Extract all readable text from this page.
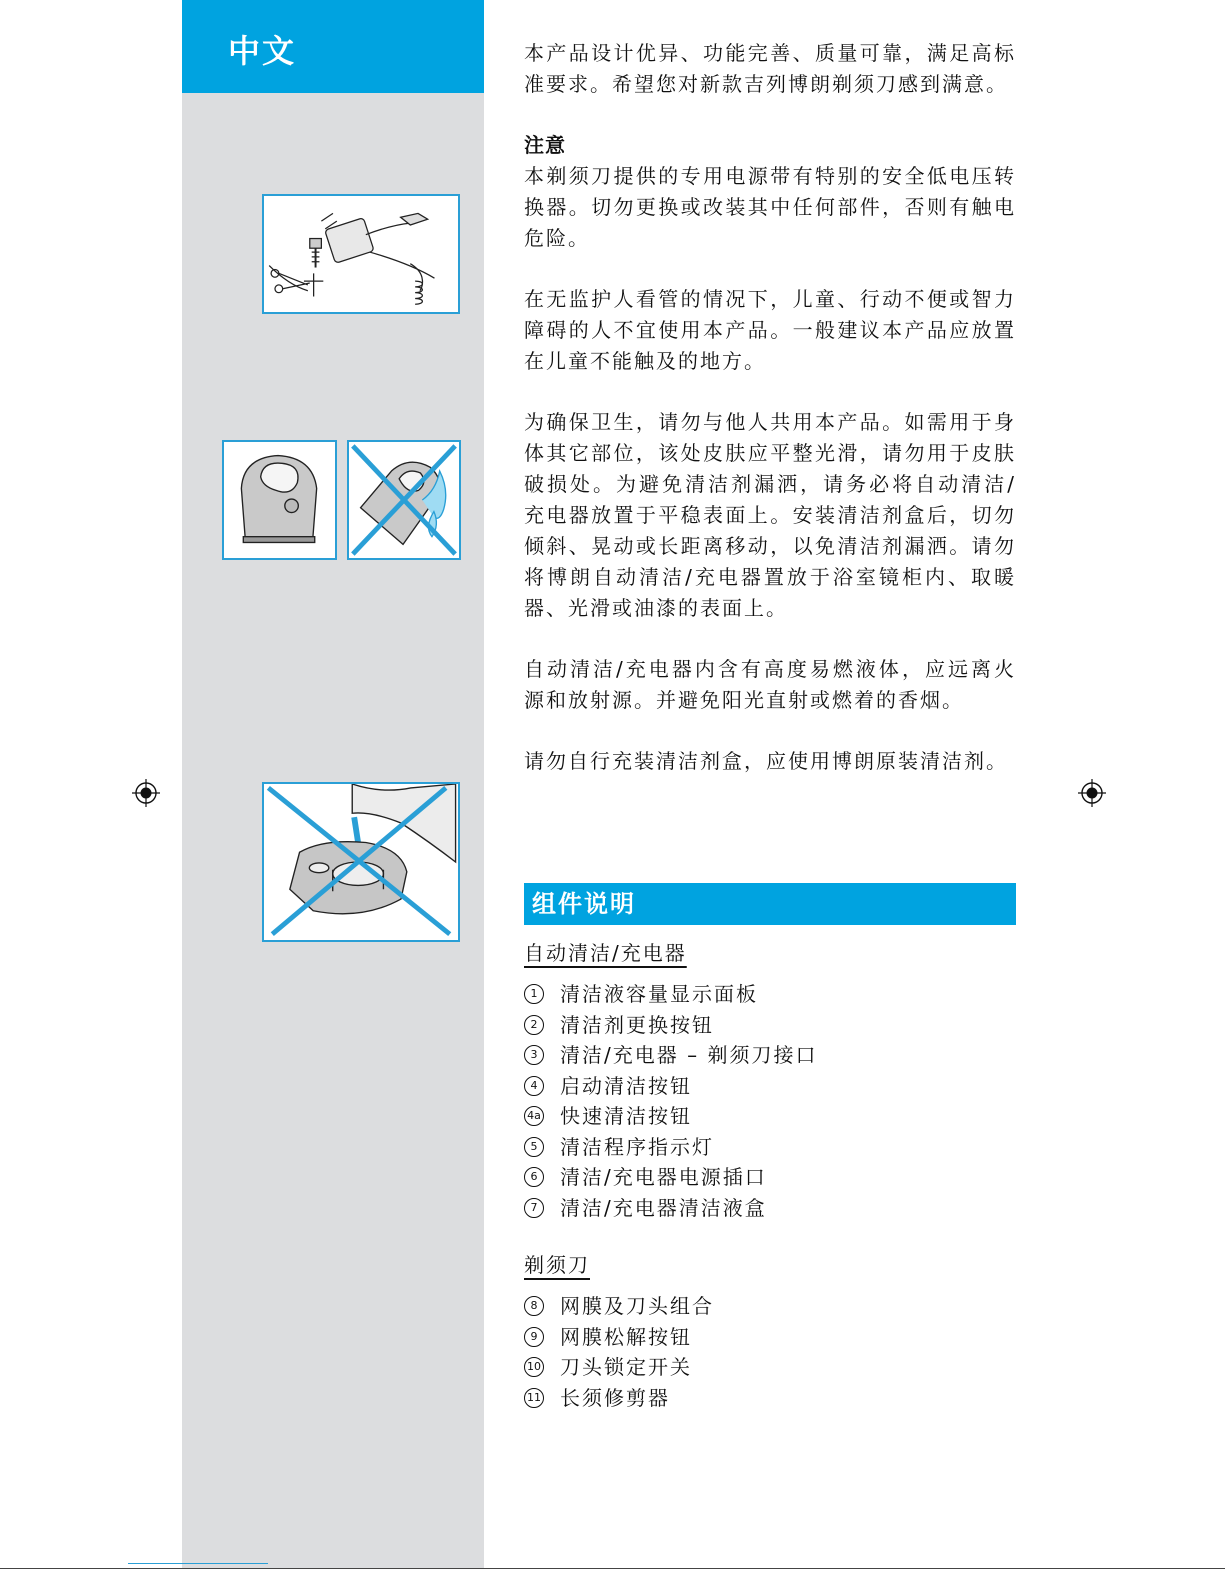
中文	本产品设计优异、功能完善、质量可靠，满足高标准要求。希望您对新款吉列博朗剃须刀感到满意。

注意

本剃须刀提供的专用电源带有特别的安全低电压转换器。切勿更换或改装其中任何部件，否则有触电危险。

在无监护人看管的情况下，儿童、行动不便或智力障碍的人不宜使用本产品。一般建议本产品应放置在儿童不能触及的地方。

为确保卫生，请勿与他人共用本产品。如需用于身体其它部位，该处皮肤应平整光滑，请勿用于皮肤破损处。为避免清洁剂漏洒，请务必将自动清洁/充电器放置于平稳表面上。安装清洁剂盒后，切勿倾斜、晃动或长距离移动，以免清洁剂漏洒。请勿将博朗自动清洁/充电器置放于浴室镜柜内、取暖器、光滑或油漆的表面上。

自动清洁/充电器内含有高度易燃液体，应远离火源和放射源。并避免阳光直射或燃着的香烟。

请勿自行充装清洁剂盒，应使用博朗原装清洁剂。

组件说明
自动清洁/充电器
1	清洁液容量显示面板
2	清洁剂更换按钮
3	清洁/充电器 – 剃须刀接口
4	启动清洁按钮
4a 快速清洁按钮
5	清洁程序指示灯
6	清洁/充电器电源插口
7	清洁/充电器清洁液盒
剃须刀
8	网膜及刀头组合
9	网膜松解按钮
10 刀头锁定开关
11 长须修剪器
